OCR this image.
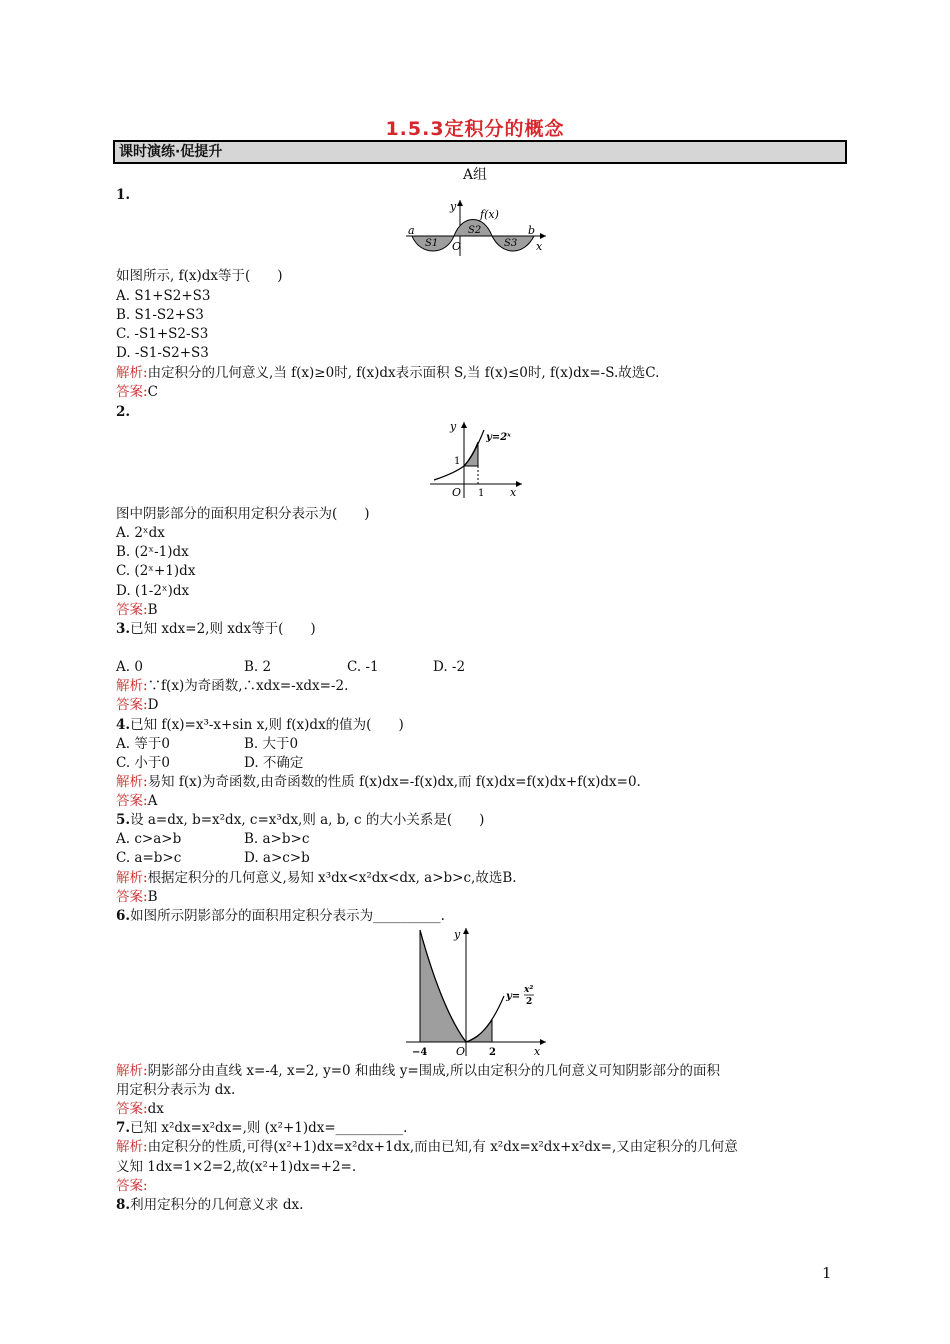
1.5.3定积分的概念
课时演练·促提升
A组
1.
y
f(x)
a	b
O	x
S1
S2
S3
如图所示, f(x)dx等于(　　)
A. S1+S2+S3
B. S1-S2+S3
C. -S1+S2-S3
D. -S1-S2+S3
解析:由定积分的几何意义,当 f(x)≥0时, f(x)dx表示面积 S,当 f(x)≤0时, f(x)dx=-S.故选C.
答案:C
2.
y
y=2ˣ
1
1
O	x
图中阴影部分的面积用定积分表示为(　　)
A. 2ˣdx
B. (2ˣ-1)dx
C. (2ˣ+1)dx
D. (1-2ˣ)dx
答案:B
3.已知 xdx=2,则 xdx等于(　　)
A. 0	B. 2	C. -1	D. -2
解析:∵f(x)为奇函数,∴xdx=-xdx=-2.
答案:D
4.已知 f(x)=x³-x+sin x,则 f(x)dx的值为(　　)
A. 等于0	B. 大于0
C. 小于0	D. 不确定
解析:易知 f(x)为奇函数,由奇函数的性质 f(x)dx=-f(x)dx,而 f(x)dx=f(x)dx+f(x)dx=0.
答案:A
5.设 a=dx, b=x²dx, c=x³dx,则 a, b, c 的大小关系是(　　)
A. c>a>b	B. a>b>c
C. a=b>c	D. a>c>b
解析:根据定积分的几何意义,易知 x³dx<x²dx<dx, a>b>c,故选B.
答案:B
6.如图所示阴影部分的面积用定积分表示为__________.
y
y=
x²
2
−4	O 2	x
解析:阴影部分由直线 x=-4, x=2, y=0 和曲线 y=围成,所以由定积分的几何意义可知阴影部分的面积
用定积分表示为 dx.
答案:dx
7.已知 x²dx=x²dx=,则 (x²+1)dx=__________.
解析:由定积分的性质,可得(x²+1)dx=x²dx+1dx,而由已知,有 x²dx=x²dx+x²dx=,又由定积分的几何意
义知 1dx=1×2=2,故(x²+1)dx=+2=.
答案:
8.利用定积分的几何意义求 dx.
1
